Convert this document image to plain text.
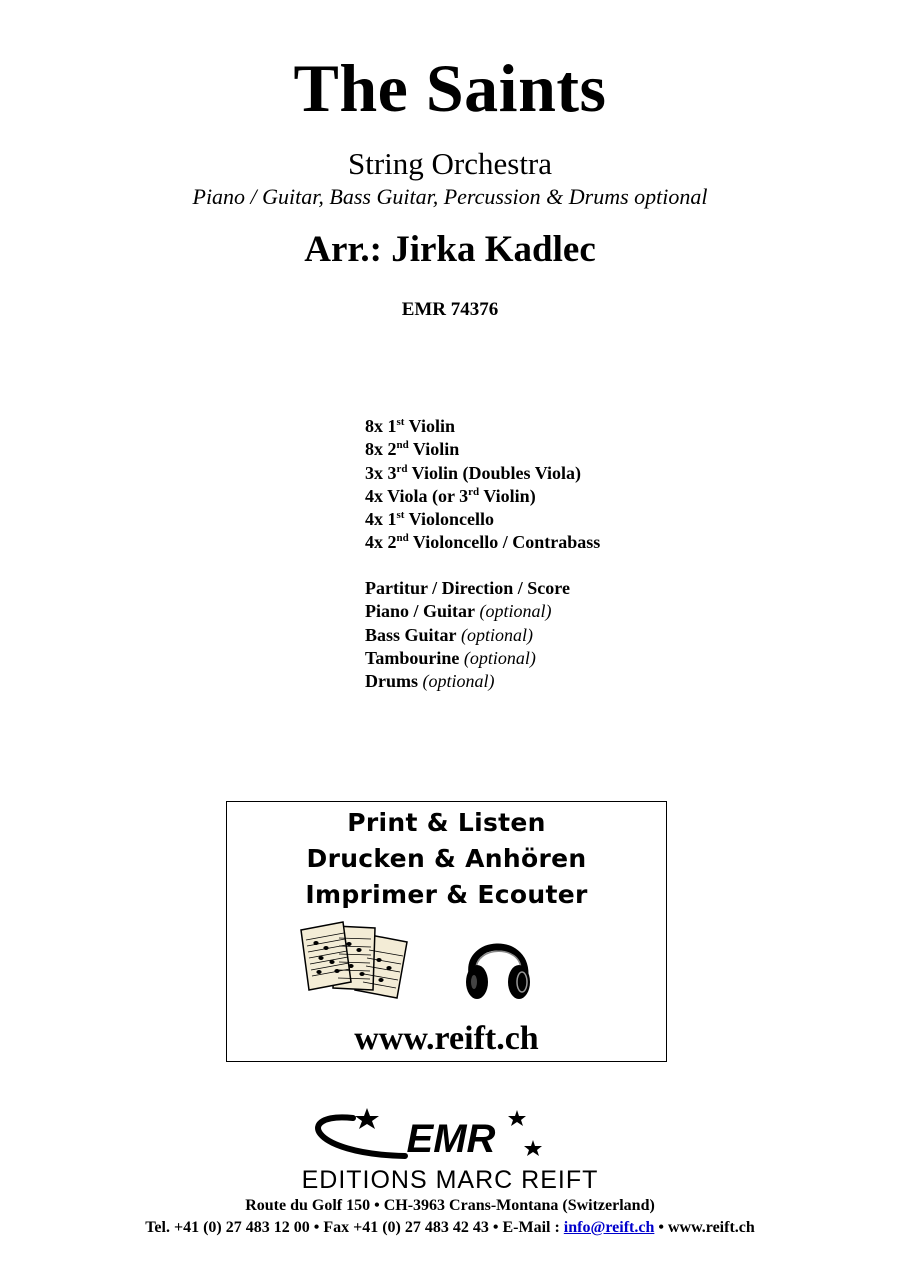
The Saints
String Orchestra
Piano / Guitar, Bass Guitar, Percussion & Drums optional
Arr.: Jirka Kadlec
EMR 74376
8x 1st Violin
8x 2nd Violin
3x 3rd Violin (Doubles Viola)
4x Viola (or 3rd Violin)
4x 1st Violoncello
4x 2nd Violoncello / Contrabass
Partitur / Direction / Score
Piano / Guitar (optional)
Bass Guitar (optional)
Tambourine (optional)
Drums (optional)
Print & Listen
Drucken & Anhören
Imprimer & Ecouter
www.reift.ch
EMR
EDITIONS MARC REIFT
Route du Golf 150 • CH-3963 Crans-Montana (Switzerland)
Tel. +41 (0) 27 483 12 00 • Fax +41 (0) 27 483 42 43 • E-Mail : info@reift.ch • www.reift.ch
